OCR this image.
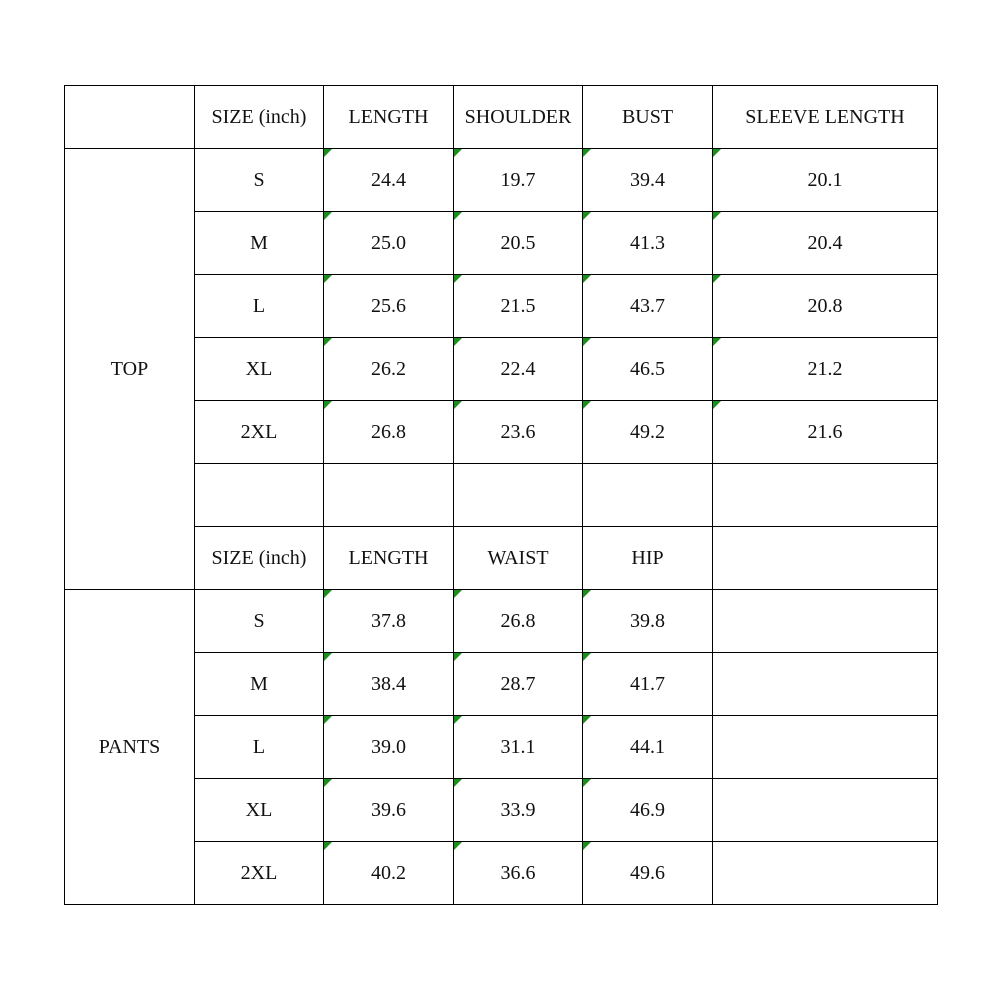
	SIZE (inch)	LENGTH	SHOULDER	BUST	SLEEVE LENGTH
TOP	S	24.4	19.7	39.4	20.1
	M	25.0	20.5	41.3	20.4
	L	25.6	21.5	43.7	20.8
	XL	26.2	22.4	46.5	21.2
	2XL	26.8	23.6	49.2	21.6

	SIZE (inch)	LENGTH	WAIST	HIP	
PANTS	S	37.8	26.8	39.8	
	M	38.4	28.7	41.7	
	L	39.0	31.1	44.1	
	XL	39.6	33.9	46.9	
	2XL	40.2	36.6	49.6	
